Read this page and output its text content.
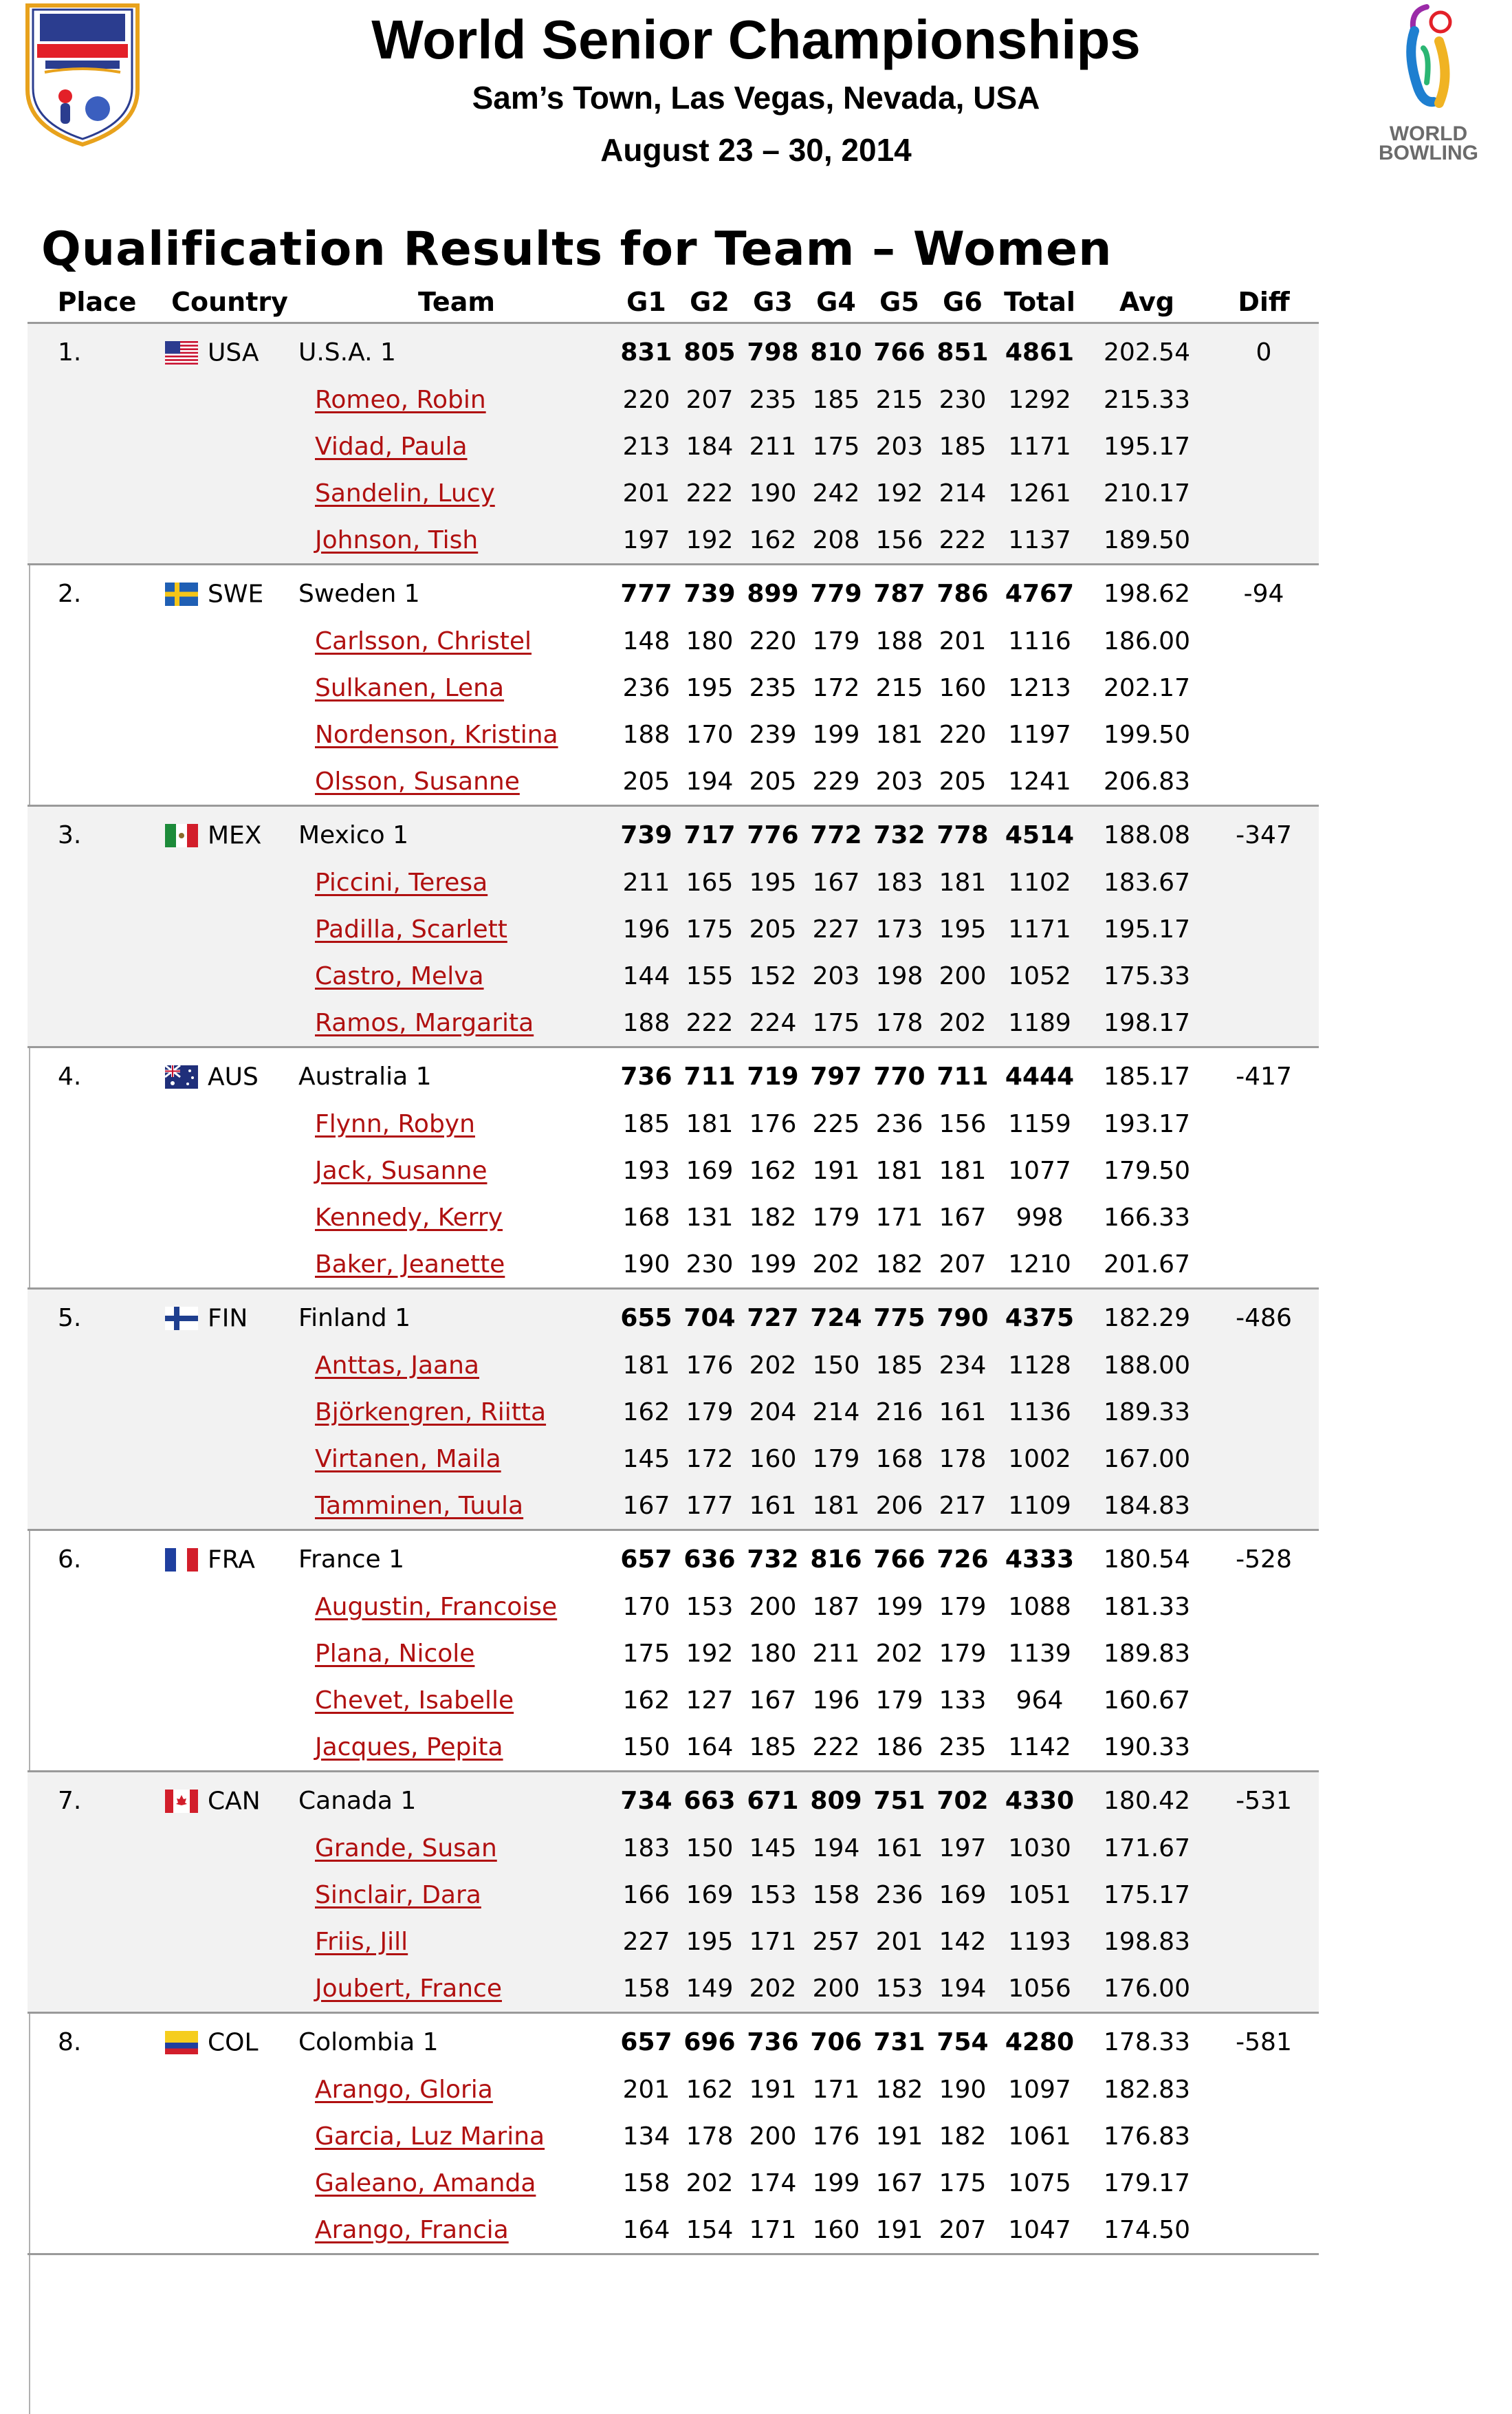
World Senior Championships
Sam’s Town, Las Vegas, Nevada, USA
August 23 – 30, 2014	WORLD
BOWLING
Qualification Results for Team – Women
Place	Country	Team	G1	G2	G3	G4	G5	G6	Total	Avg	Diff
1.	USA	U.S.A. 1	831	805	798	810	766	851	4861	202.54	0
		Romeo, Robin	220	207	235	185	215	230	1292	215.33	
		Vidad, Paula	213	184	211	175	203	185	1171	195.17	
		Sandelin, Lucy	201	222	190	242	192	214	1261	210.17	
		Johnson, Tish	197	192	162	208	156	222	1137	189.50	
2.	SWE	Sweden 1	777	739	899	779	787	786	4767	198.62	-94
		Carlsson, Christel	148	180	220	179	188	201	1116	186.00	
		Sulkanen, Lena	236	195	235	172	215	160	1213	202.17	
		Nordenson, Kristina	188	170	239	199	181	220	1197	199.50	
		Olsson, Susanne	205	194	205	229	203	205	1241	206.83	
3.	MEX	Mexico 1	739	717	776	772	732	778	4514	188.08	-347
		Piccini, Teresa	211	165	195	167	183	181	1102	183.67	
		Padilla, Scarlett	196	175	205	227	173	195	1171	195.17	
		Castro, Melva	144	155	152	203	198	200	1052	175.33	
		Ramos, Margarita	188	222	224	175	178	202	1189	198.17	
4.	AUS	Australia 1	736	711	719	797	770	711	4444	185.17	-417
		Flynn, Robyn	185	181	176	225	236	156	1159	193.17	
		Jack, Susanne	193	169	162	191	181	181	1077	179.50	
		Kennedy, Kerry	168	131	182	179	171	167	998	166.33	
		Baker, Jeanette	190	230	199	202	182	207	1210	201.67	
5.	FIN	Finland 1	655	704	727	724	775	790	4375	182.29	-486
		Anttas, Jaana	181	176	202	150	185	234	1128	188.00	
		Björkengren, Riitta	162	179	204	214	216	161	1136	189.33	
		Virtanen, Maila	145	172	160	179	168	178	1002	167.00	
		Tamminen, Tuula	167	177	161	181	206	217	1109	184.83	
6.	FRA	France 1	657	636	732	816	766	726	4333	180.54	-528
		Augustin, Francoise	170	153	200	187	199	179	1088	181.33	
		Plana, Nicole	175	192	180	211	202	179	1139	189.83	
		Chevet, Isabelle	162	127	167	196	179	133	964	160.67	
		Jacques, Pepita	150	164	185	222	186	235	1142	190.33	
7.	CAN	Canada 1	734	663	671	809	751	702	4330	180.42	-531
		Grande, Susan	183	150	145	194	161	197	1030	171.67	
		Sinclair, Dara	166	169	153	158	236	169	1051	175.17	
		Friis, Jill	227	195	171	257	201	142	1193	198.83	
		Joubert, France	158	149	202	200	153	194	1056	176.00	
8.	COL	Colombia 1	657	696	736	706	731	754	4280	178.33	-581
		Arango, Gloria	201	162	191	171	182	190	1097	182.83	
		Garcia, Luz Marina	134	178	200	176	191	182	1061	176.83	
		Galeano, Amanda	158	202	174	199	167	175	1075	179.17	
		Arango, Francia	164	154	171	160	191	207	1047	174.50	
